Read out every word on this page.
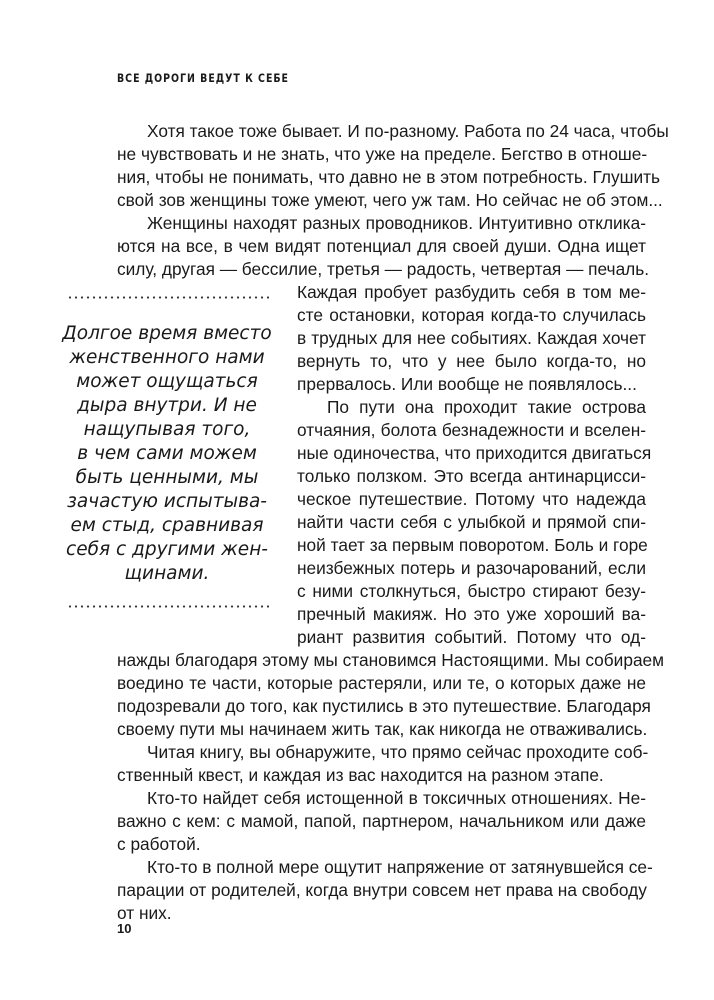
ВСЕ ДОРОГИ ВЕДУТ К СЕБЕ
Хотя такое тоже бывает. И по-разному. Работа по 24 часа, чтобы
не чувствовать и не знать, что уже на пределе. Бегство в отноше-
ния, чтобы не понимать, что давно не в этом потребность. Глушить
свой зов женщины тоже умеют, чего уж там. Но сейчас не об этом...
Женщины находят разных проводников. Интуитивно отклика-
ются на все, в чем видят потенциал для своей души. Одна ищет
силу, другая — бессилие, третья — радость, четвертая — печаль.
Каждая пробует разбудить себя в том ме-
сте остановки, которая когда-то случилась
в трудных для нее событиях. Каждая хочет
вернуть то, что у нее было когда-то, но
прервалось. Или вообще не появлялось...
По пути она проходит такие острова
отчаяния, болота безнадежности и вселен-
ные одиночества, что приходится двигаться
только ползком. Это всегда антинарцисси-
ческое путешествие. Потому что надежда
найти части себя с улыбкой и прямой спи-
ной тает за первым поворотом. Боль и горе
неизбежных потерь и разочарований, если
с ними столкнуться, быстро стирают безу-
пречный макияж. Но это уже хороший ва-
риант развития событий. Потому что од-
нажды благодаря этому мы становимся Настоящими. Мы собираем
воедино те части, которые растеряли, или те, о которых даже не
подозревали до того, как пустились в это путешествие. Благодаря
своему пути мы начинаем жить так, как никогда не отваживались.
Читая книгу, вы обнаружите, что прямо сейчас проходите соб-
ственный квест, и каждая из вас находится на разном этапе.
Кто-то найдет себя истощенной в токсичных отношениях. Не-
важно с кем: с мамой, папой, партнером, начальником или даже
с работой.
Кто-то в полной мере ощутит напряжение от затянувшейся се-
парации от родителей, когда внутри совсем нет права на свободу
от них.
Долгое время вместо
женственного нами
может ощущаться
дыра внутри. И не
нащупывая того,
в чем сами можем
быть ценными, мы
зачастую испытыва-
ем стыд, сравнивая
себя с другими жен-
щинами.
10
